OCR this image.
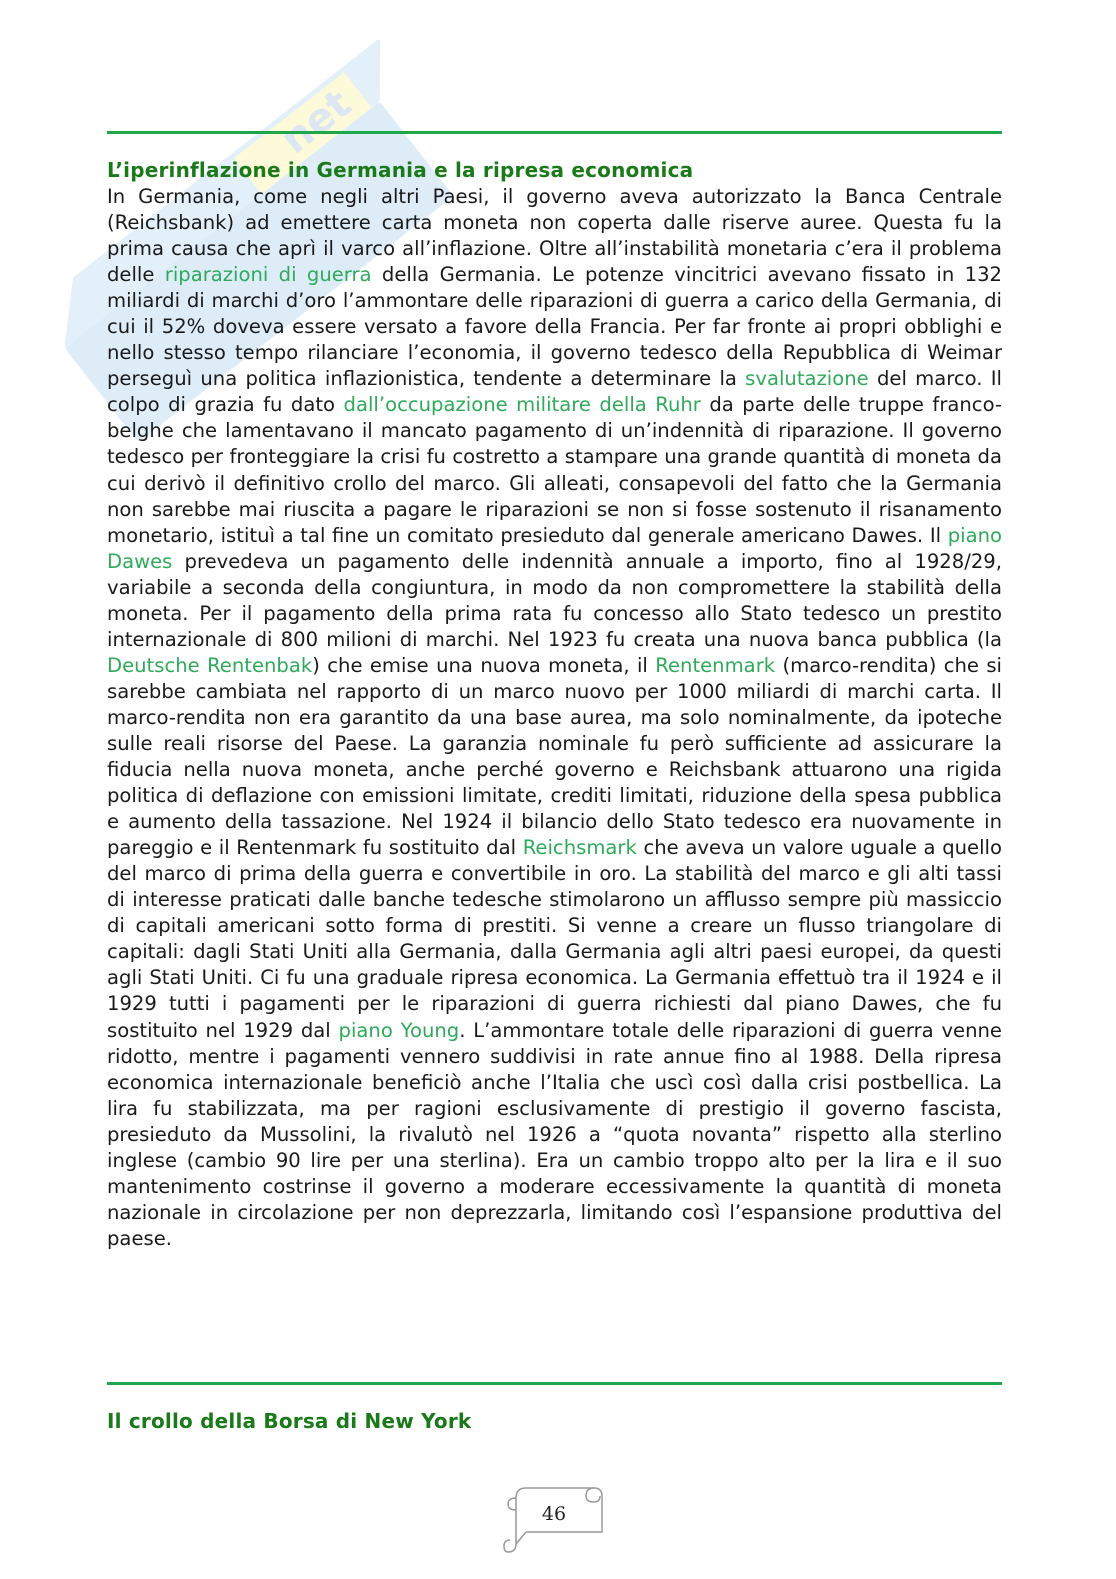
net
L’iperinflazione in Germania e la ripresa economica

In Germania, come negli altri Paesi, il governo aveva autorizzato la Banca Centrale (Reichsbank) ad emettere carta moneta non coperta dalle riserve auree. Questa fu la prima causa che aprì il varco all’inflazione. Oltre all’instabilità monetaria c’era il problema delle riparazioni di guerra della Germania. Le potenze vincitrici avevano fissato in 132 miliardi di marchi d’oro l’ammontare delle riparazioni di guerra a carico della Germania, di cui il 52% doveva essere versato a favore della Francia. Per far fronte ai propri obblighi e nello stesso tempo rilanciare l’economia, il governo tedesco della Repubblica di Weimar perseguì una politica inflazionistica, tendente a determinare la svalutazione del marco. Il colpo di grazia fu dato dall’occupazione militare della Ruhr da parte delle truppe franco-belghe che lamentavano il mancato pagamento di un’indennità di riparazione. Il governo tedesco per fronteggiare la crisi fu costretto a stampare una grande quantità di moneta da cui derivò il definitivo crollo del marco. Gli alleati, consapevoli del fatto che la Germania non sarebbe mai riuscita a pagare le riparazioni se non si fosse sostenuto il risanamento monetario, istituì a tal fine un comitato presieduto dal generale americano Dawes. Il piano Dawes prevedeva un pagamento delle indennità annuale a importo, fino al 1928/29, variabile a seconda della congiuntura, in modo da non compromettere la stabilità della moneta. Per il pagamento della prima rata fu concesso allo Stato tedesco un prestito internazionale di 800 milioni di marchi. Nel 1923 fu creata una nuova banca pubblica (la Deutsche Rentenbak) che emise una nuova moneta, il Rentenmark (marco-rendita) che si sarebbe cambiata nel rapporto di un marco nuovo per 1000 miliardi di marchi carta. Il marco-rendita non era garantito da una base aurea, ma solo nominalmente, da ipoteche sulle reali risorse del Paese. La garanzia nominale fu però sufficiente ad assicurare la fiducia nella nuova moneta, anche perché governo e Reichsbank attuarono una rigida politica di deflazione con emissioni limitate, crediti limitati, riduzione della spesa pubblica e aumento della tassazione. Nel 1924 il bilancio dello Stato tedesco era nuovamente in pareggio e il Rentenmark fu sostituito dal Reichsmark che aveva un valore uguale a quello del marco di prima della guerra e convertibile in oro. La stabilità del marco e gli alti tassi di interesse praticati dalle banche tedesche stimolarono un afflusso sempre più massiccio di capitali americani sotto forma di prestiti. Si venne a creare un flusso triangolare di capitali: dagli Stati Uniti alla Germania, dalla Germania agli altri paesi europei, da questi agli Stati Uniti. Ci fu una graduale ripresa economica. La Germania effettuò tra il 1924 e il 1929 tutti i pagamenti per le riparazioni di guerra richiesti dal piano Dawes, che fu sostituito nel 1929 dal piano Young. L’ammontare totale delle riparazioni di guerra venne ridotto, mentre i pagamenti vennero suddivisi in rate annue fino al 1988. Della ripresa economica internazionale beneficiò anche l’Italia che uscì così dalla crisi postbellica. La lira fu stabilizzata, ma per ragioni esclusivamente di prestigio il governo fascista, presieduto da Mussolini, la rivalutò nel 1926 a “quota novanta” rispetto alla sterlino inglese (cambio 90 lire per una sterlina). Era un cambio troppo alto per la lira e il suo mantenimento costrinse il governo a moderare eccessivamente la quantità di moneta nazionale in circolazione per non deprezzarla, limitando così l’espansione produttiva del paese.

Il crollo della Borsa di New York
46
